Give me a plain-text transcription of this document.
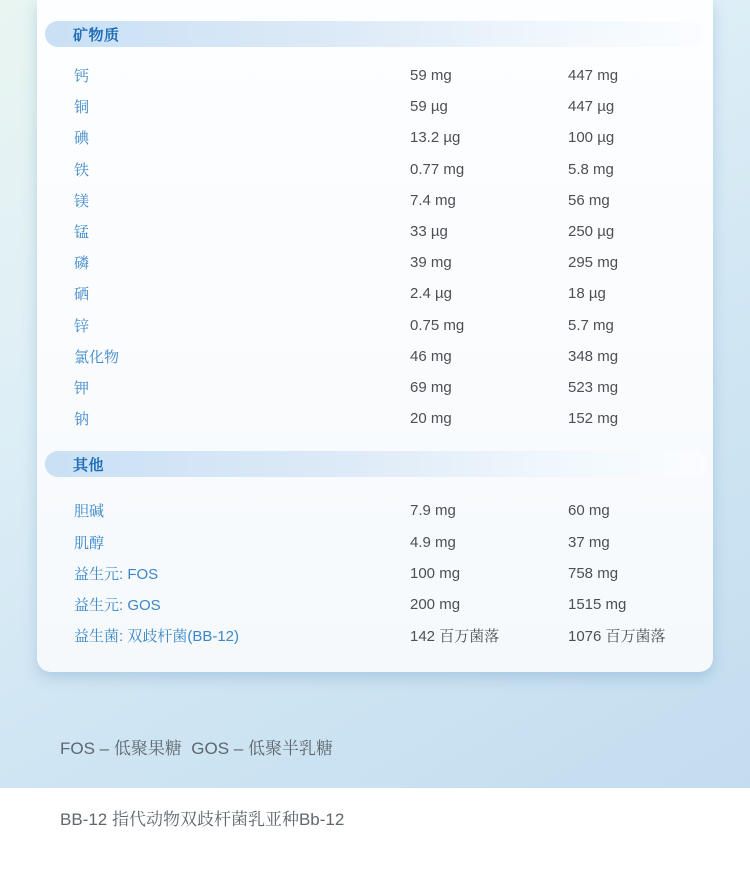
矿物质
钙	59 mg	447 mg
铜	59 µg	447 µg
碘	13.2 µg	100 µg
铁	0.77 mg	5.8 mg
镁	7.4 mg	56 mg
锰	33 µg	250 µg
磷	39 mg	295 mg
硒	2.4 µg	18 µg
锌	0.75 mg	5.7 mg
氯化物	46 mg	348 mg
钾	69 mg	523 mg
钠	20 mg	152 mg
其他
胆碱	7.9 mg	60 mg
肌醇	4.9 mg	37 mg
益生元: FOS	100 mg	758 mg
益生元: GOS	200 mg	1515 mg
益生菌: 双歧杆菌(BB-12)	142 百万菌落	1076 百万菌落

FOS – 低聚果糖  GOS – 低聚半乳糖

BB-12 指代动物双歧杆菌乳亚种Bb-12
